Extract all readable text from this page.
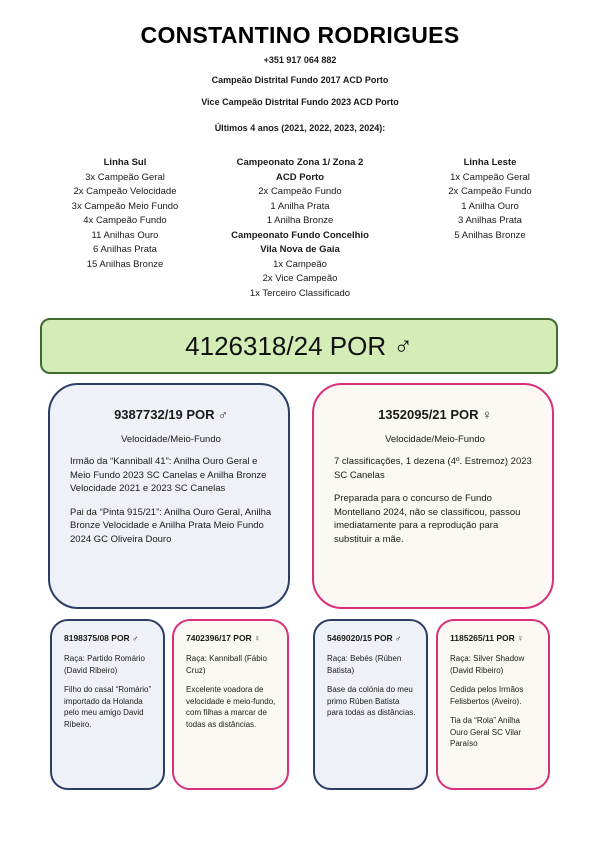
CONSTANTINO RODRIGUES
+351 917 064 882
Campeão Distrital Fundo 2017 ACD Porto
Vice Campeão Distrital Fundo 2023 ACD Porto
Últimos 4 anos (2021, 2022, 2023, 2024):
Linha Sul
3x Campeão Geral
2x Campeão Velocidade
3x Campeão Meio Fundo
4x Campeão Fundo
11 Anilhas Ouro
6 Anilhas Prata
15 Anilhas Bronze
Campeonato Zona 1/ Zona 2
ACD Porto
2x Campeão Fundo
1 Anilha Prata
1 Anilha Bronze
Campeonato Fundo Concelhio
Vila Nova de Gaia
1x Campeão
2x Vice Campeão
1x Terceiro Classificado
Linha Leste
1x Campeão Geral
2x Campeão Fundo
1 Anilha Ouro
3 Anilhas Prata
5 Anilhas Bronze
4126318/24 POR ♂
9387732/19 POR ♂
Velocidade/Meio-Fundo
Irmão da “Kanniball 41”: Anilha Ouro Geral e Meio Fundo 2023 SC Canelas e Anilha Bronze Velocidade 2021 e 2023 SC Canelas
Pai da “Pinta 915/21”: Anilha Ouro Geral, Anilha Bronze Velocidade e Anilha Prata Meio Fundo 2024 GC Oliveira Douro
1352095/21 POR ♀
Velocidade/Meio-Fundo
7 classificações, 1 dezena (4º. Estremoz) 2023 SC Canelas
Preparada para o concurso de Fundo Montellano 2024, não se classificou, passou imediatamente para a reprodução para substituir a mãe.
8198375/08 POR ♂
Raça: Partido Romário (David Ribeiro)
Filho do casal “Romário” importado da Holanda pelo meu amigo David Ribeiro.
7402396/17 POR ♀
Raça: Kanniball (Fábio Cruz)
Excelente voadora de velocidade e meio-fundo, com filhas a marcar de todas as distâncias.
5469020/15 POR ♂
Raça: Bebés (Rúben Batista)
Base da colónia do meu primo Rúben Batista para todas as distâncias.
1185265/11 POR ♀
Raça: Silver Shadow (David Ribeiro)
Cedida pelos Irmãos Felisbertos (Aveiro).
Tia da “Rola” Anilha Ouro Geral SC Vilar Paraíso
